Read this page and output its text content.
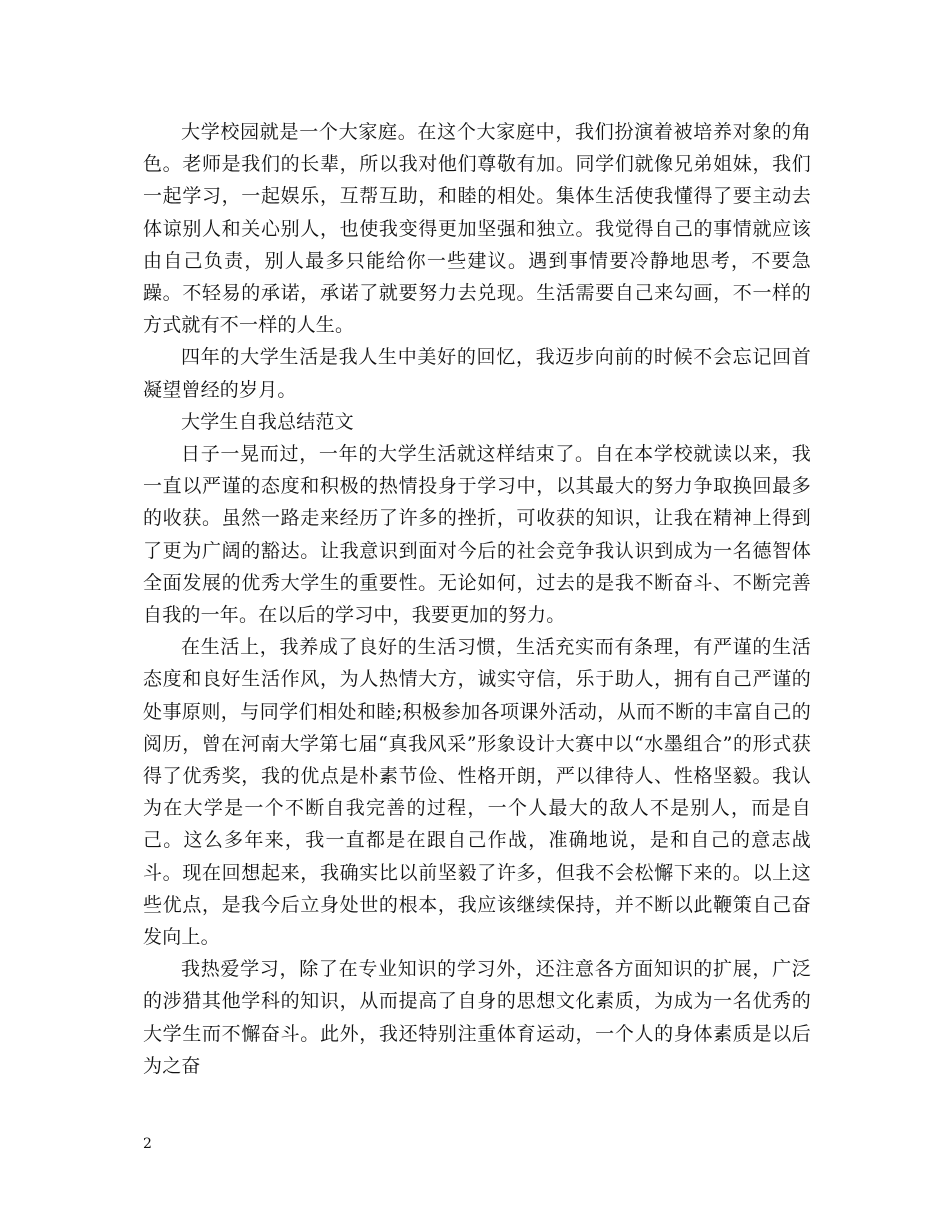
大学校园就是一个大家庭。在这个大家庭中，我们扮演着被培养对象的角色。老师是我们的长辈，所以我对他们尊敬有加。同学们就像兄弟姐妹，我们一起学习，一起娱乐，互帮互助，和睦的相处。集体生活使我懂得了要主动去体谅别人和关心别人，也使我变得更加坚强和独立。我觉得自己的事情就应该由自己负责，别人最多只能给你一些建议。遇到事情要冷静地思考，不要急躁。不轻易的承诺，承诺了就要努力去兑现。生活需要自己来勾画，不一样的方式就有不一样的人生。

四年的大学生活是我人生中美好的回忆，我迈步向前的时候不会忘记回首凝望曾经的岁月。

大学生自我总结范文

日子一晃而过，一年的大学生活就这样结束了。自在本学校就读以来，我一直以严谨的态度和积极的热情投身于学习中，以其最大的努力争取换回最多的收获。虽然一路走来经历了许多的挫折，可收获的知识，让我在精神上得到了更为广阔的豁达。让我意识到面对今后的社会竞争我认识到成为一名德智体全面发展的优秀大学生的重要性。无论如何，过去的是我不断奋斗、不断完善自我的一年。在以后的学习中，我要更加的努力。

在生活上，我养成了良好的生活习惯，生活充实而有条理，有严谨的生活态度和良好生活作风，为人热情大方，诚实守信，乐于助人，拥有自己严谨的处事原则，与同学们相处和睦;积极参加各项课外活动，从而不断的丰富自己的阅历，曾在河南大学第七届“真我风采”形象设计大赛中以“水墨组合”的形式获得了优秀奖，我的优点是朴素节俭、性格开朗，严以律待人、性格坚毅。我认为在大学是一个不断自我完善的过程，一个人最大的敌人不是别人，而是自己。这么多年来，我一直都是在跟自己作战，准确地说，是和自己的意志战斗。现在回想起来，我确实比以前坚毅了许多，但我不会松懈下来的。以上这些优点，是我今后立身处世的根本，我应该继续保持，并不断以此鞭策自己奋发向上。

我热爱学习，除了在专业知识的学习外，还注意各方面知识的扩展，广泛的涉猎其他学科的知识，从而提高了自身的思想文化素质，为成为一名优秀的大学生而不懈奋斗。此外，我还特别注重体育运动，一个人的身体素质是以后为之奋

2
